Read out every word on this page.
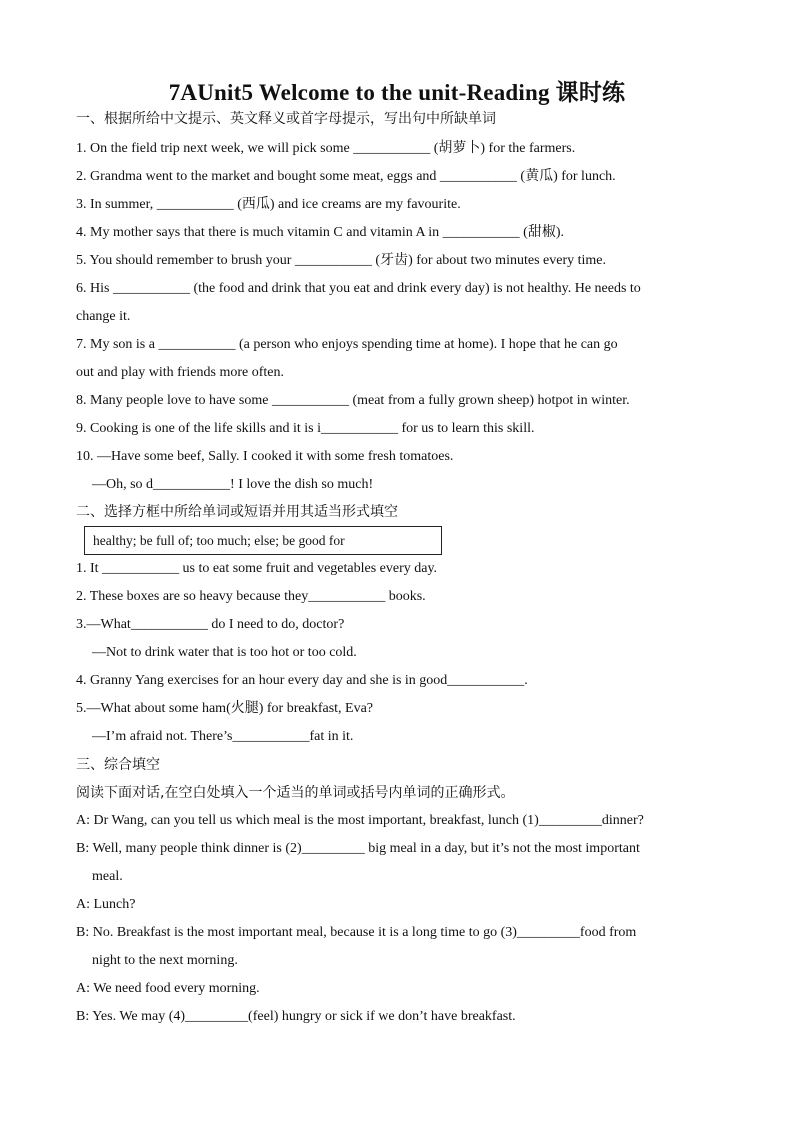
7AUnit5 Welcome to the unit-Reading 课时练
一、根据所给中文提示、英文释义或首字母提示，写出句中所缺单词
1. On the field trip next week, we will pick some ___________ (胡萝卜) for the farmers.
2. Grandma went to the market and bought some meat, eggs and ___________ (黄瓜) for lunch.
3. In summer, ___________ (西瓜) and ice creams are my favourite.
4. My mother says that there is much vitamin C and vitamin A in ___________ (甜椒).
5. You should remember to brush your ___________ (牙齿) for about two minutes every time.
6. His ___________ (the food and drink that you eat and drink every day) is not healthy. He needs to
change it.
7. My son is a ___________ (a person who enjoys spending time at home). I hope that he can go
out and play with friends more often.
8. Many people love to have some ___________ (meat from a fully grown sheep) hotpot in winter.
9. Cooking is one of the life skills and it is i___________ for us to learn this skill.
10. —Have some beef, Sally. I cooked it with some fresh tomatoes.
—Oh, so d___________! I love the dish so much!
二、选择方框中所给单词或短语并用其适当形式填空
healthy; be full of; too much; else; be good for
1. It ___________ us to eat some fruit and vegetables every day.
2. These boxes are so heavy because they___________ books.
3.—What___________ do I need to do, doctor?
—Not to drink water that is too hot or too cold.
4. Granny Yang exercises for an hour every day and she is in good___________.
5.—What about some ham(火腿) for breakfast, Eva?
—I’m afraid not. There’s___________fat in it.
三、综合填空
阅读下面对话,在空白处填入一个适当的单词或括号内单词的正确形式。
A: Dr Wang, can you tell us which meal is the most important, breakfast, lunch (1)_________dinner?
B: Well, many people think dinner is (2)_________ big meal in a day, but it’s not the most important
meal.
A: Lunch?
B: No. Breakfast is the most important meal, because it is a long time to go (3)_________food from
night to the next morning.
A: We need food every morning.
B: Yes. We may (4)_________(feel) hungry or sick if we don’t have breakfast.
